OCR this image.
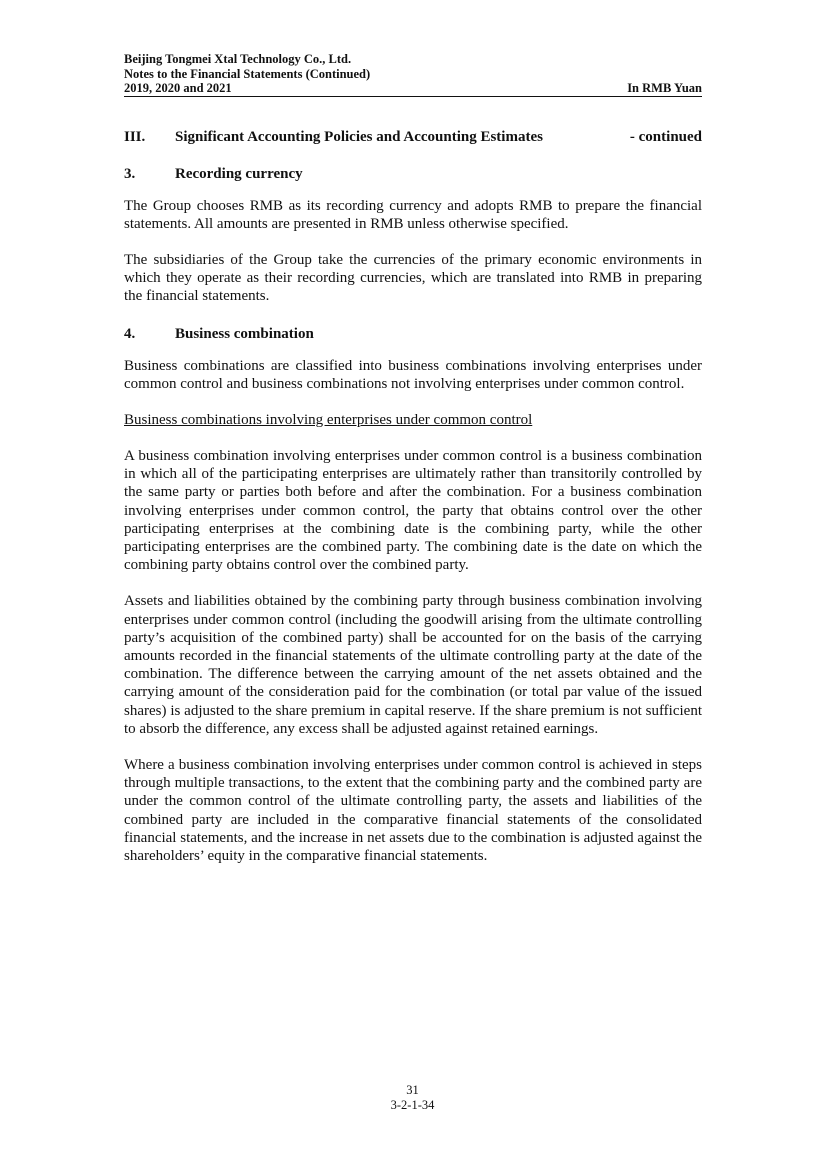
Beijing Tongmei Xtal Technology Co., Ltd.
Notes to the Financial Statements (Continued)
2019, 2020 and 2021	In RMB Yuan
III.	Significant Accounting Policies and Accounting Estimates	- continued
3.	Recording currency

The Group chooses RMB as its recording currency and adopts RMB to prepare the financial statements. All amounts are presented in RMB unless otherwise specified.

The subsidiaries of the Group take the currencies of the primary economic environments in which they operate as their recording currencies, which are translated into RMB in preparing the financial statements.

4.	Business combination

Business combinations are classified into business combinations involving enterprises under common control and business combinations not involving enterprises under common control.

Business combinations involving enterprises under common control

A business combination involving enterprises under common control is a business combination in which all of the participating enterprises are ultimately rather than transitorily controlled by the same party or parties both before and after the combination. For a business combination involving enterprises under common control, the party that obtains control over the other participating enterprises at the combining date is the combining party, while the other participating enterprises are the combined party. The combining date is the date on which the combining party obtains control over the combined party.

Assets and liabilities obtained by the combining party through business combination involving enterprises under common control (including the goodwill arising from the ultimate controlling party’s acquisition of the combined party) shall be accounted for on the basis of the carrying amounts recorded in the financial statements of the ultimate controlling party at the date of the combination. The difference between the carrying amount of the net assets obtained and the carrying amount of the consideration paid for the combination (or total par value of the issued shares) is adjusted to the share premium in capital reserve. If the share premium is not sufficient to absorb the difference, any excess shall be adjusted against retained earnings.

Where a business combination involving enterprises under common control is achieved in steps through multiple transactions, to the extent that the combining party and the combined party are under the common control of the ultimate controlling party, the assets and liabilities of the combined party are included in the comparative financial statements of the consolidated financial statements, and the increase in net assets due to the combination is adjusted against the shareholders’ equity in the comparative financial statements.

31
3-2-1-34
